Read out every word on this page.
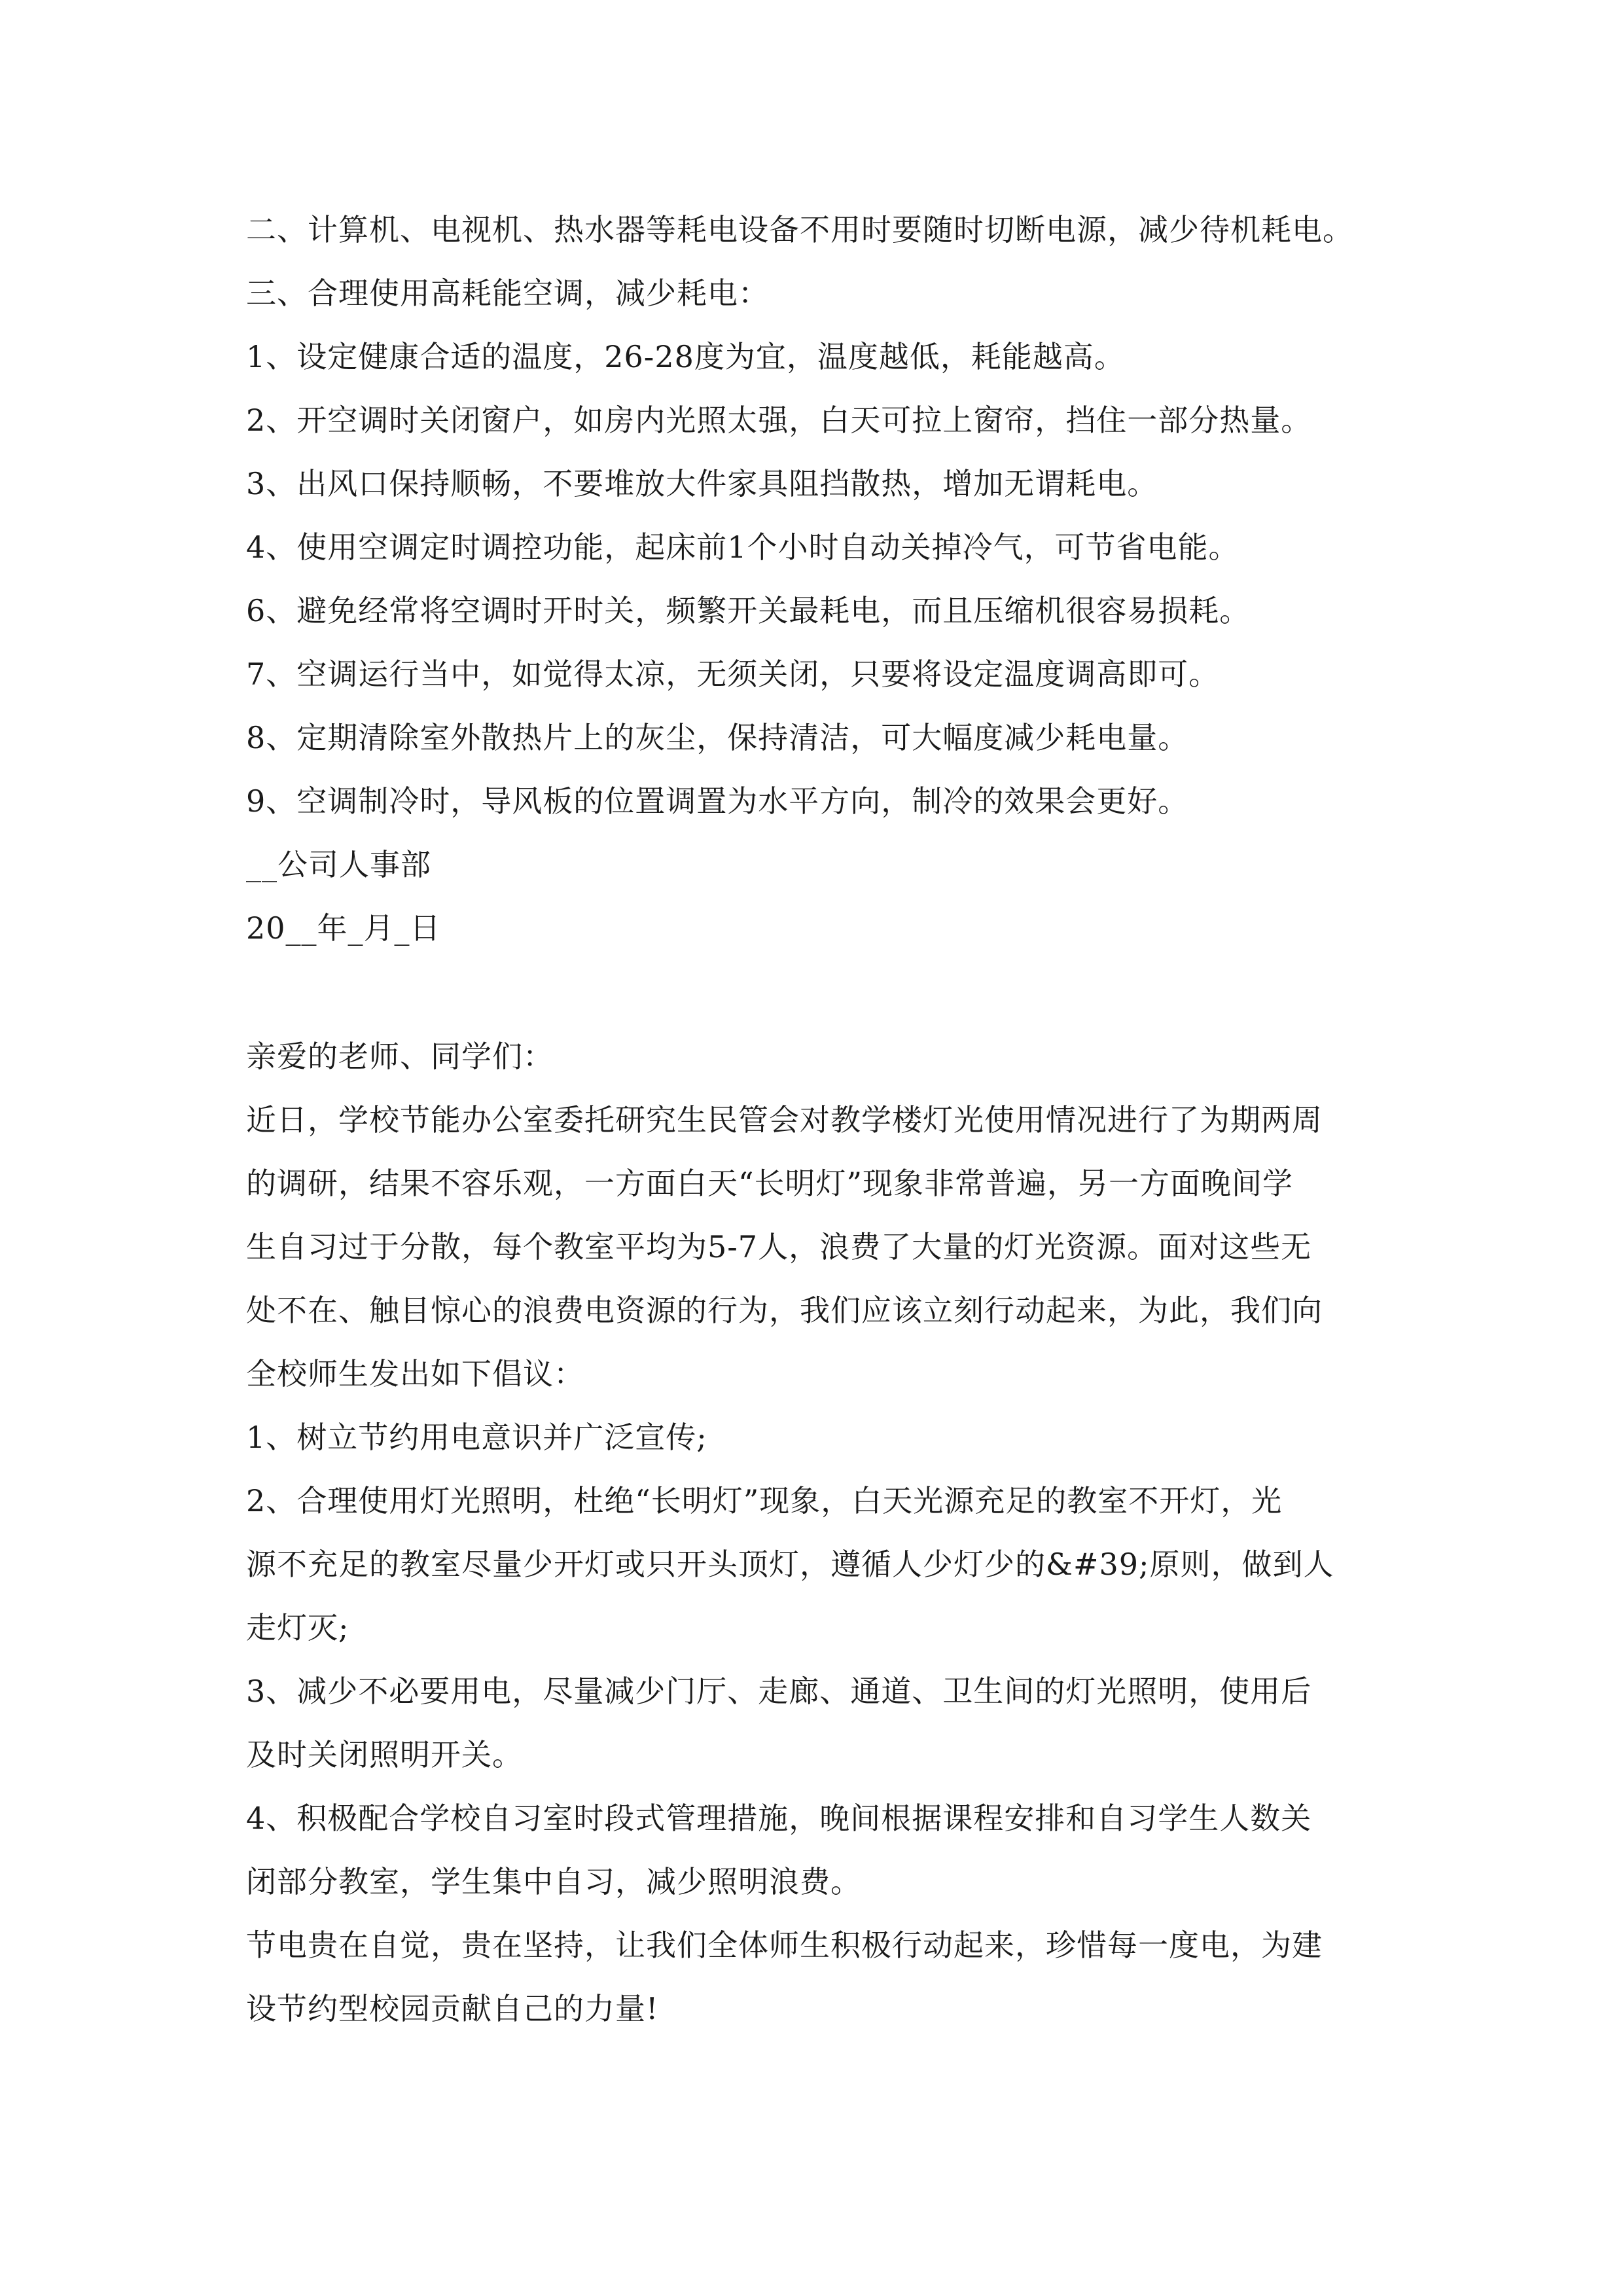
二、计算机、电视机、热水器等耗电设备不用时要随时切断电源，减少待机耗电。
三、合理使用高耗能空调，减少耗电：
1、设定健康合适的温度，26-28度为宜，温度越低，耗能越高。
2、开空调时关闭窗户，如房内光照太强，白天可拉上窗帘，挡住一部分热量。
3、出风口保持顺畅，不要堆放大件家具阻挡散热，增加无谓耗电。
4、使用空调定时调控功能，起床前1个小时自动关掉冷气，可节省电能。
6、避免经常将空调时开时关，频繁开关最耗电，而且压缩机很容易损耗。
7、空调运行当中，如觉得太凉，无须关闭，只要将设定温度调高即可。
8、定期清除室外散热片上的灰尘，保持清洁，可大幅度减少耗电量。
9、空调制冷时，导风板的位置调置为水平方向，制冷的效果会更好。
__公司人事部
20__年_月_日
亲爱的老师、同学们：
近日，学校节能办公室委托研究生民管会对教学楼灯光使用情况进行了为期两周
的调研，结果不容乐观，一方面白天“长明灯”现象非常普遍，另一方面晚间学
生自习过于分散，每个教室平均为5-7人，浪费了大量的灯光资源。面对这些无
处不在、触目惊心的浪费电资源的行为，我们应该立刻行动起来，为此，我们向
全校师生发出如下倡议：
1、树立节约用电意识并广泛宣传;
2、合理使用灯光照明，杜绝“长明灯”现象，白天光源充足的教室不开灯，光
源不充足的教室尽量少开灯或只开头顶灯，遵循人少灯少的&#39;原则，做到人
走灯灭;
3、减少不必要用电，尽量减少门厅、走廊、通道、卫生间的灯光照明，使用后
及时关闭照明开关。
4、积极配合学校自习室时段式管理措施，晚间根据课程安排和自习学生人数关
闭部分教室，学生集中自习，减少照明浪费。
节电贵在自觉，贵在坚持，让我们全体师生积极行动起来，珍惜每一度电，为建
设节约型校园贡献自己的力量!
